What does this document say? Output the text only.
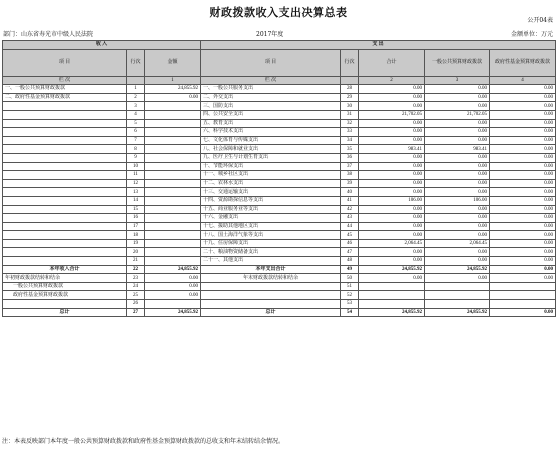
财政拨款收入支出决算总表
公开04表
部门：山东省寿光市中级人民法院	2017年度	金额单位：万元
收 入			支 出				
项 目	行次	金额	项 目	行次	合计	一般公共预算财政拨款	政府性基金预算财政拨款
栏 次		1	栏 次		2	3	4
一、一般公共预算财政拨款	1	24,855.92	一、一般公共服务支出	28	0.00	0.00	0.00
二、政府性基金预算财政拨款	2	0.00	二、外交支出	29	0.00	0.00	0.00
	3		三、国防支出	30	0.00	0.00	0.00
	4		四、公共安全支出	31	21,702.05	21,702.05	0.00
	5		五、教育支出	32	0.00	0.00	0.00
	6		六、科学技术支出	33	0.00	0.00	0.00
	7		七、文化体育与传媒支出	34	0.00	0.00	0.00
	8		八、社会保障和就业支出	35	983.41	983.41	0.00
	9		九、医疗卫生与计划生育支出	36	0.00	0.00	0.00
	10		十、节能环保支出	37	0.00	0.00	0.00
	11		十一、城乡社区支出	38	0.00	0.00	0.00
	12		十二、农林水支出	39	0.00	0.00	0.00
	13		十三、交通运输支出	40	0.00	0.00	0.00
	14		十四、资源勘探信息等支出	41	106.00	106.00	0.00
	15		十五、商业服务业等支出	42	0.00	0.00	0.00
	16		十六、金融支出	43	0.00	0.00	0.00
	17		十七、援助其他地区支出	44	0.00	0.00	0.00
	18		十八、国土海洋气象等支出	45	0.00	0.00	0.00
	19		十九、住房保障支出	46	2,064.45	2,064.45	0.00
	20		二十、粮油物资储备支出	47	0.00	0.00	0.00
	21		二十一、其他支出	48	0.00	0.00	0.00
本年收入合计	22	24,855.92	本年支出合计	49	24,855.92	24,855.92	0.00
年初财政拨款结转和结余	23	0.00	年末财政拨款结转和结余	50	0.00	0.00	0.00
一般公共预算财政拨款	24	0.00		51			
政府性基金预算财政拨款	25	0.00		52			
	26			53			
总计	27	24,855.92	总计	54	24,855.92	24,855.92	0.00
注：本表反映部门本年度一般公共预算财政拨款和政府性基金预算财政拨款的总收支和年末结转结余情况。
